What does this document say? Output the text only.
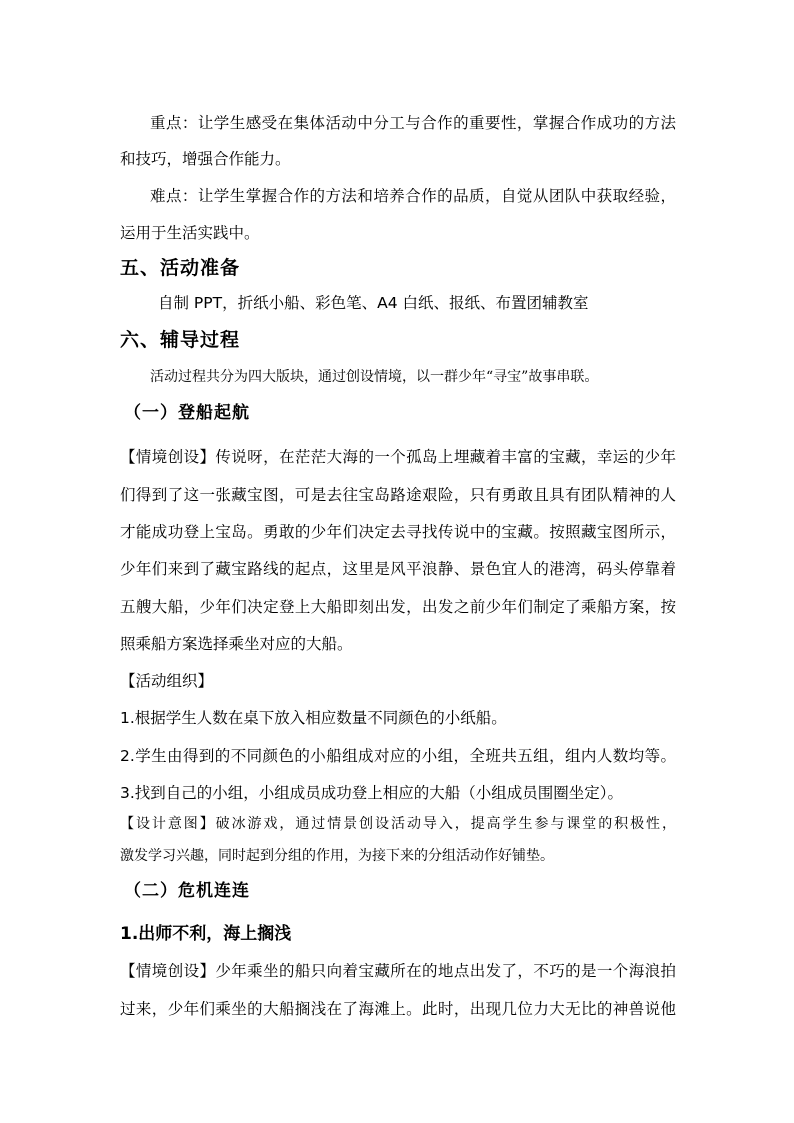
重点：让学生感受在集体活动中分工与合作的重要性，掌握合作成功的方法
和技巧，增强合作能力。
难点：让学生掌握合作的方法和培养合作的品质，自觉从团队中获取经验，
运用于生活实践中。
五、活动准备
自制 PPT，折纸小船、彩色笔、A4 白纸、报纸、布置团辅教室
六、辅导过程
活动过程共分为四大版块，通过创设情境，以一群少年“寻宝”故事串联。
（一）登船起航
【情境创设】传说呀，在茫茫大海的一个孤岛上埋藏着丰富的宝藏，幸运的少年
们得到了这一张藏宝图，可是去往宝岛路途艰险，只有勇敢且具有团队精神的人
才能成功登上宝岛。勇敢的少年们决定去寻找传说中的宝藏。按照藏宝图所示，
少年们来到了藏宝路线的起点，这里是风平浪静、景色宜人的港湾，码头停靠着
五艘大船，少年们决定登上大船即刻出发，出发之前少年们制定了乘船方案，按
照乘船方案选择乘坐对应的大船。
【活动组织】
1.根据学生人数在桌下放入相应数量不同颜色的小纸船。
2.学生由得到的不同颜色的小船组成对应的小组，全班共五组，组内人数均等。
3.找到自己的小组，小组成员成功登上相应的大船（小组成员围圈坐定）。
【设计意图】破冰游戏，通过情景创设活动导入，提高学生参与课堂的积极性，
激发学习兴趣，同时起到分组的作用，为接下来的分组活动作好铺垫。
（二）危机连连
1.出师不利，海上搁浅
【情境创设】少年乘坐的船只向着宝藏所在的地点出发了，不巧的是一个海浪拍
过来，少年们乘坐的大船搁浅在了海滩上。此时，出现几位力大无比的神兽说他
